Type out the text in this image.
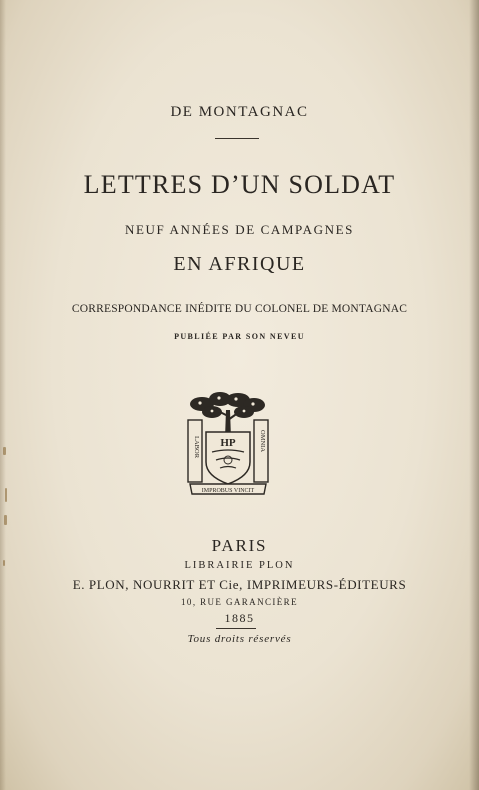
DE MONTAGNAC
LETTRES D’UN SOLDAT
NEUF ANNÉES DE CAMPAGNES
EN AFRIQUE
CORRESPONDANCE INÉDITE DU COLONEL DE MONTAGNAC
PUBLIÉE PAR SON NEVEU
HP
LABOR	OMNIA
IMPROBUS VINCIT
PARIS
LIBRAIRIE PLON
E. PLON, NOURRIT ET Cie, IMPRIMEURS-ÉDITEURS
10, RUE GARANCIÈRE
1885
Tous droits réservés
